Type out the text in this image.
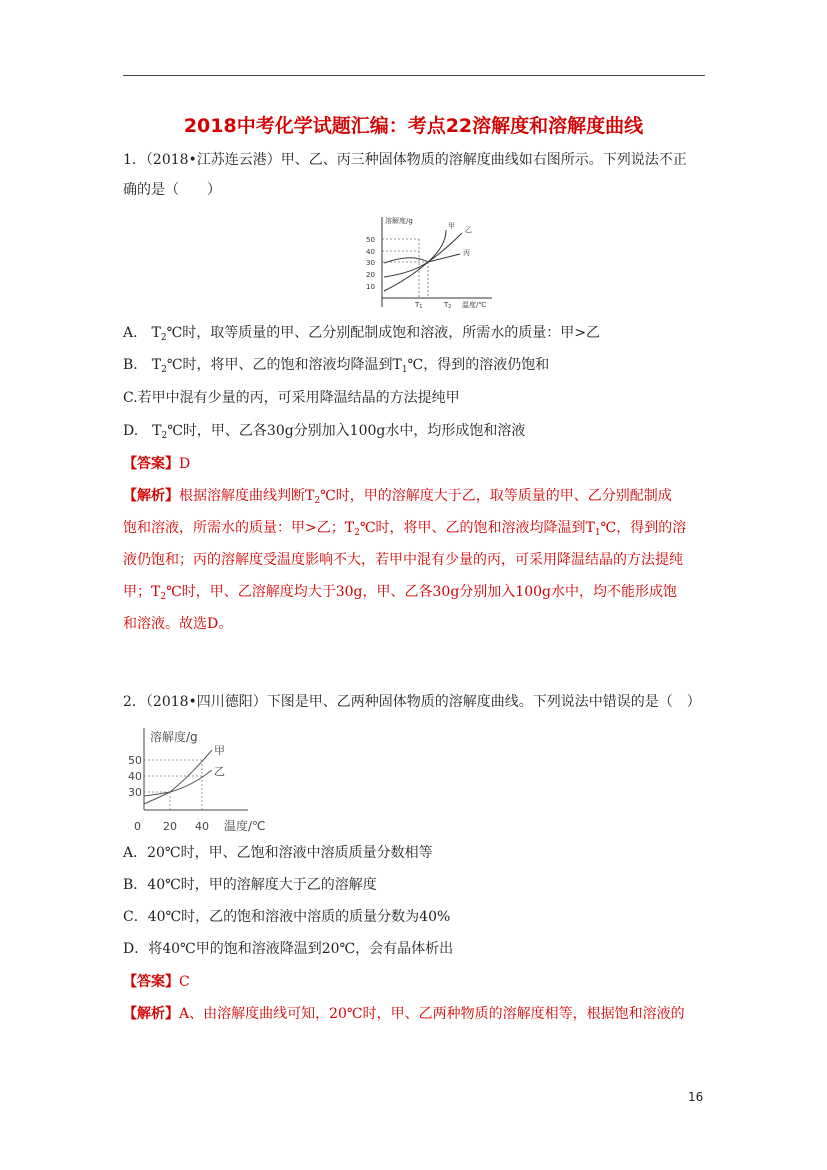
2018中考化学试题汇编：考点22溶解度和溶解度曲线
1．（2018•江苏连云港）甲、乙、丙三种固体物质的溶解度曲线如右图所示。下列说法不正
确的是（　　）
溶解度/g
50
40
30
20
10
甲 乙
丙
T1	T2 温度/℃
A.　$T_2℃$时，取等质量的甲、乙分别配制成饱和溶液，所需水的质量：甲>乙
B.　$T_2℃$时，将甲、乙的饱和溶液均降温到$T_1℃$，得到的溶液仍饱和
C.若甲中混有少量的丙，可采用降温结晶的方法提纯甲
D.　$T_2℃$时，甲、乙各30g分别加入100g水中，均形成饱和溶液
【答案】D
【解析】根据溶解度曲线判断$T_2℃$时，甲的溶解度大于乙，取等质量的甲、乙分别配制成
饱和溶液，所需水的质量：甲>乙；$T_2℃$时，将甲、乙的饱和溶液均降温到$T_1℃$，得到的溶
液仍饱和；丙的溶解度受温度影响不大，若甲中混有少量的丙，可采用降温结晶的方法提纯
甲；$T_2℃$时，甲、乙溶解度均大于30g，甲、乙各30g分别加入100g水中，均不能形成饱
和溶液。故选D。
2．（2018•四川德阳）下图是甲、乙两种固体物质的溶解度曲线。下列说法中错误的是（　）
溶解度/g
50
40
30
甲
乙
0 20 40 温度/℃
A．20℃时，甲、乙饱和溶液中溶质质量分数相等
B．40℃时，甲的溶解度大于乙的溶解度
C．40℃时，乙的饱和溶液中溶质的质量分数为40%
D．将40℃甲的饱和溶液降温到20℃，会有晶体析出
【答案】C
【解析】A、由溶解度曲线可知，20℃时，甲、乙两种物质的溶解度相等，根据饱和溶液的
16
